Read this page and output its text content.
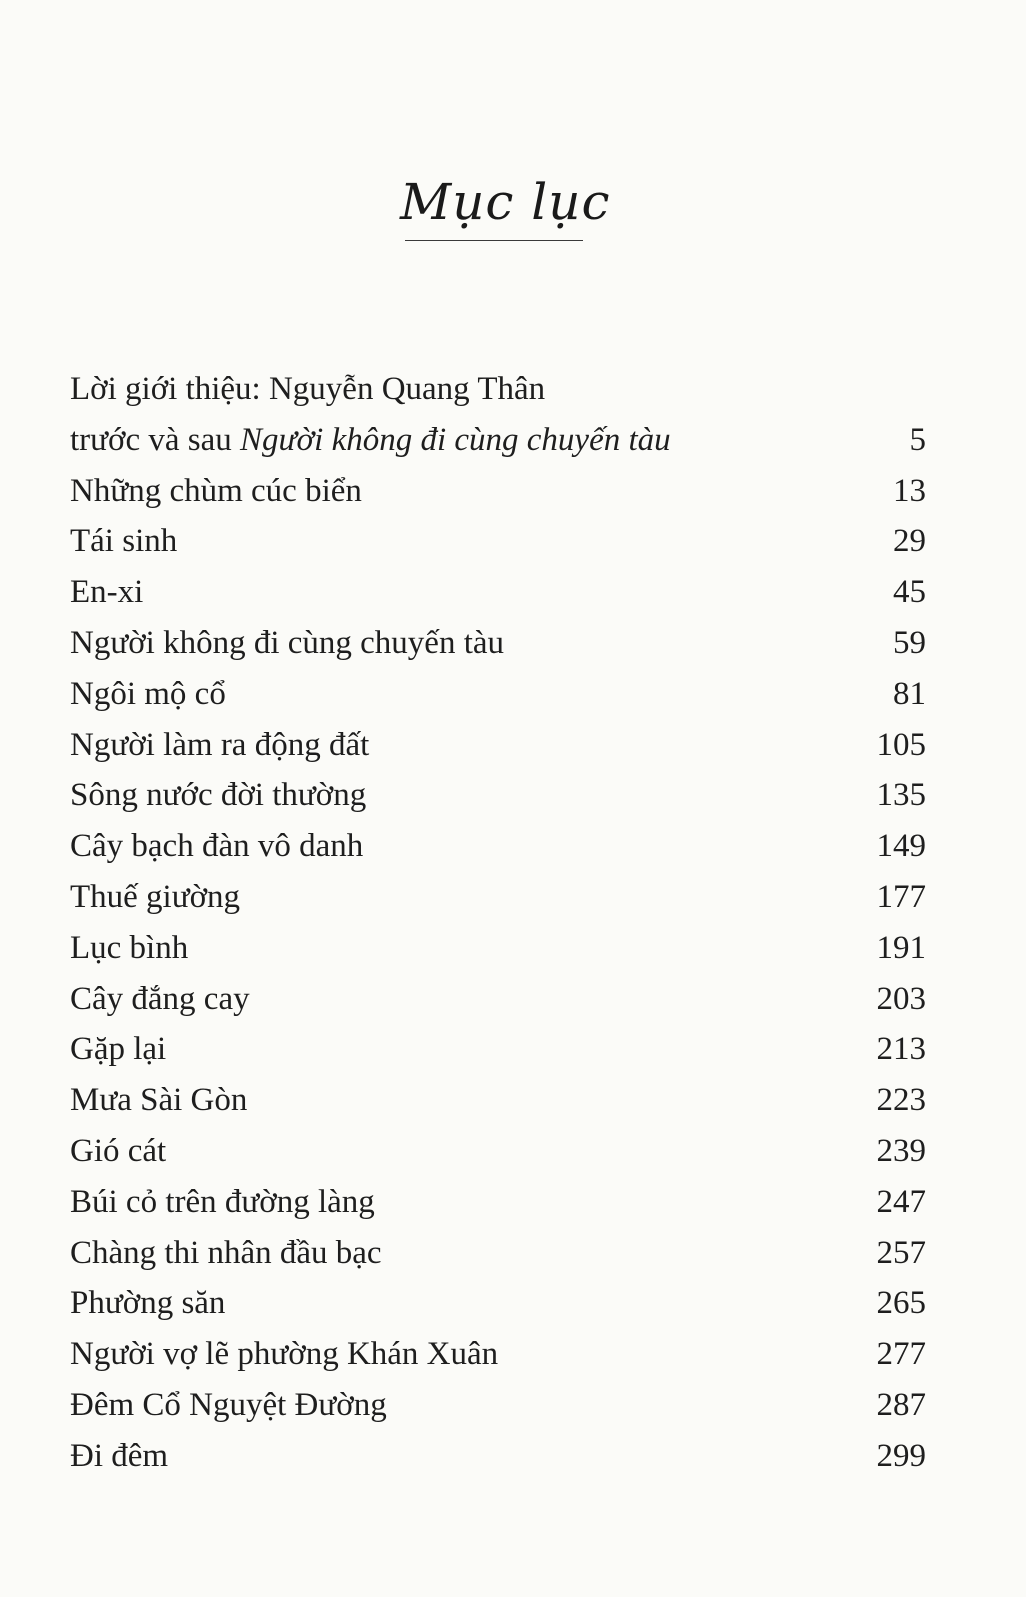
Mục lục
Lời giới thiệu: Nguyễn Quang Thân
trước và sau Người không đi cùng chuyến tàu	5
Những chùm cúc biển	13
Tái sinh	29
En-xi	45
Người không đi cùng chuyến tàu	59
Ngôi mộ cổ	81
Người làm ra động đất	105
Sông nước đời thường	135
Cây bạch đàn vô danh	149
Thuế giường	177
Lục bình	191
Cây đắng cay	203
Gặp lại	213
Mưa Sài Gòn	223
Gió cát	239
Búi cỏ trên đường làng	247
Chàng thi nhân đầu bạc	257
Phường săn	265
Người vợ lẽ phường Khán Xuân	277
Đêm Cổ Nguyệt Đường	287
Đi đêm	299
